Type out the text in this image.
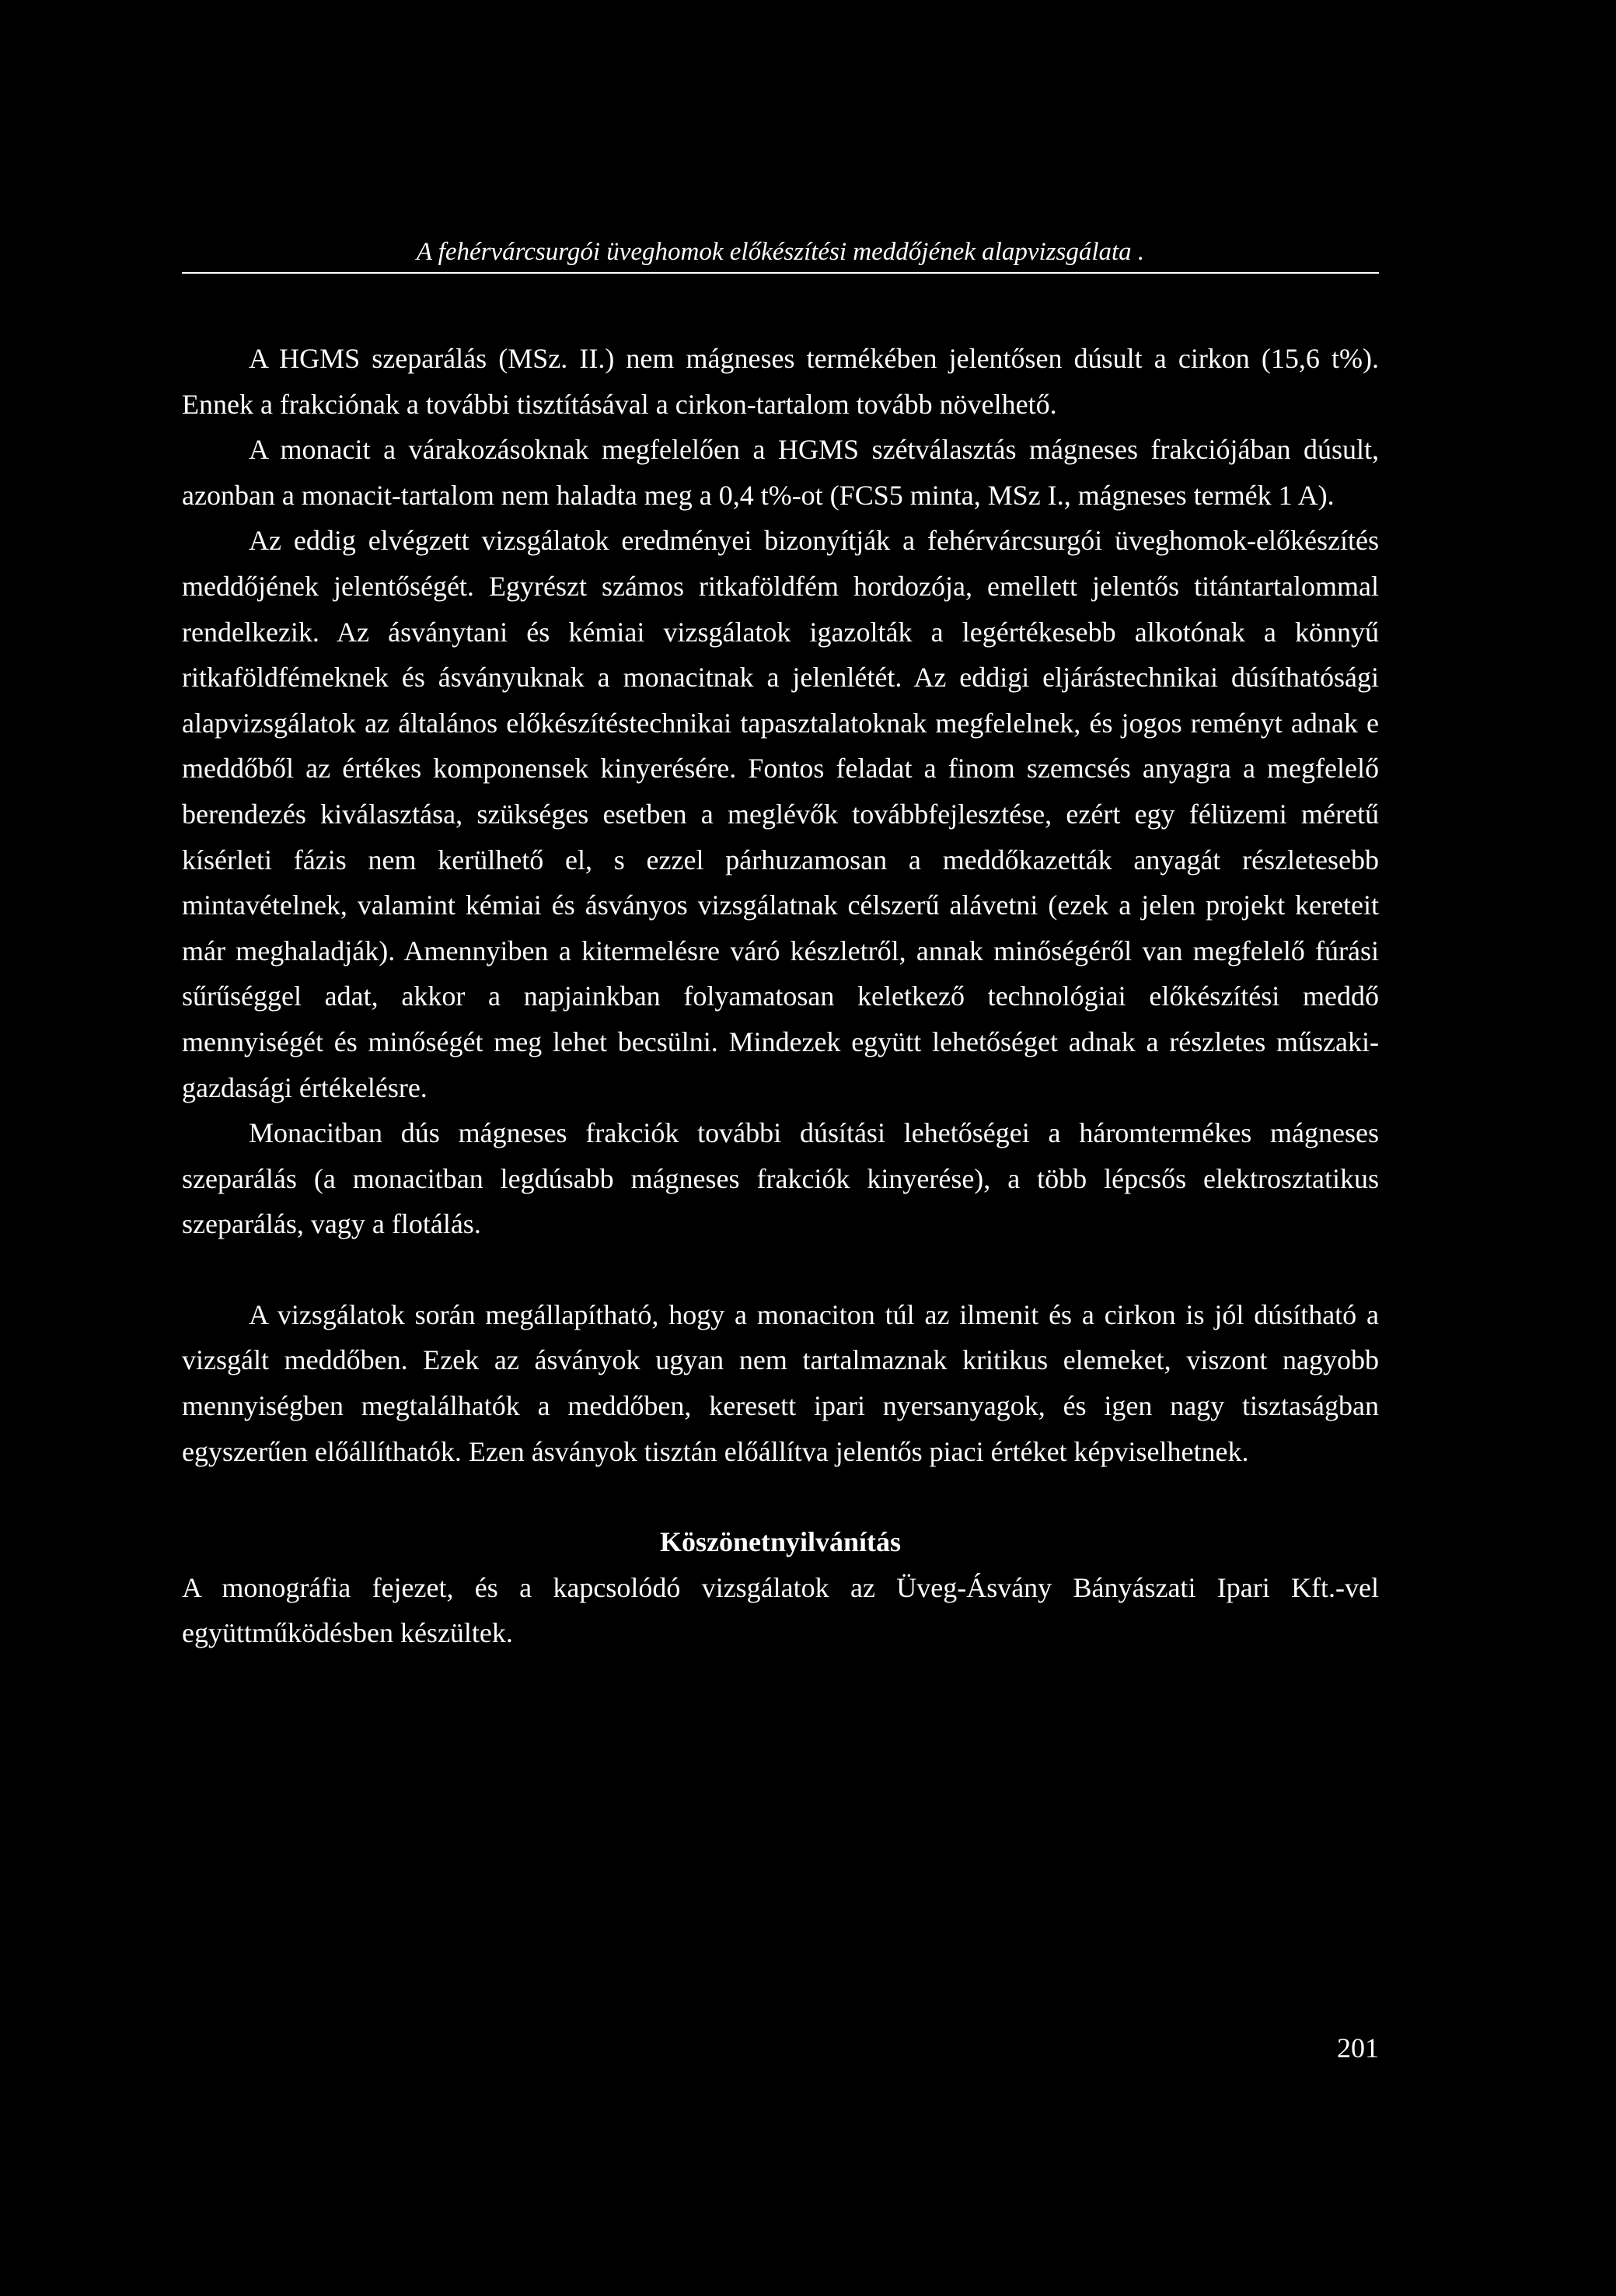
A fehérvárcsurgói üveghomok előkészítési meddőjének alapvizsgálata .

A HGMS szeparálás (MSz. II.) nem mágneses termékében jelentősen dúsult a cirkon (15,6 t%). Ennek a frakciónak a további tisztításával a cirkon-tartalom tovább növelhető.

A monacit a várakozásoknak megfelelően a HGMS szétválasztás mágneses frakciójában dúsult, azonban a monacit-tartalom nem haladta meg a 0,4 t%-ot (FCS5 minta, MSz I., mágneses termék 1 A).

Az eddig elvégzett vizsgálatok eredményei bizonyítják a fehérvárcsurgói üveghomok-előkészítés meddőjének jelentőségét. Egyrészt számos ritkaföldfém hordozója, emellett jelentős titántartalommal rendelkezik. Az ásványtani és kémiai vizsgálatok igazolták a legértékesebb alkotónak a könnyű ritkaföldfémeknek és ásványuknak a monacitnak a jelenlétét. Az eddigi eljárástechnikai dúsíthatósági alapvizsgálatok az általános előkészítéstechnikai tapasztalatoknak megfelelnek, és jogos reményt adnak e meddőből az értékes komponensek kinyerésére. Fontos feladat a finom szemcsés anyagra a megfelelő berendezés kiválasztása, szükséges esetben a meglévők továbbfejlesztése, ezért egy félüzemi méretű kísérleti fázis nem kerülhető el, s ezzel párhuzamosan a meddőkazetták anyagát részletesebb mintavételnek, valamint kémiai és ásványos vizsgálatnak célszerű alávetni (ezek a jelen projekt kereteit már meghaladják). Amennyiben a kitermelésre váró készletről, annak minőségéről van megfelelő fúrási sűrűséggel adat, akkor a napjainkban folyamatosan keletkező technológiai előkészítési meddő mennyiségét és minőségét meg lehet becsülni. Mindezek együtt lehetőséget adnak a részletes műszaki-gazdasági értékelésre.

Monacitban dús mágneses frakciók további dúsítási lehetőségei a háromtermékes mágneses szeparálás (a monacitban legdúsabb mágneses frakciók kinyerése), a több lépcsős elektrosztatikus szeparálás, vagy a flotálás.

A vizsgálatok során megállapítható, hogy a monaciton túl az ilmenit és a cirkon is jól dúsítható a vizsgált meddőben. Ezek az ásványok ugyan nem tartalmaznak kritikus elemeket, viszont nagyobb mennyiségben megtalálhatók a meddőben, keresett ipari nyersanyagok, és igen nagy tisztaságban egyszerűen előállíthatók. Ezen ásványok tisztán előállítva jelentős piaci értéket képviselhetnek.

Köszönetnyilvánítás

A monográfia fejezet, és a kapcsolódó vizsgálatok az Üveg-Ásvány Bányászati Ipari Kft.-vel együttműködésben készültek.

201
